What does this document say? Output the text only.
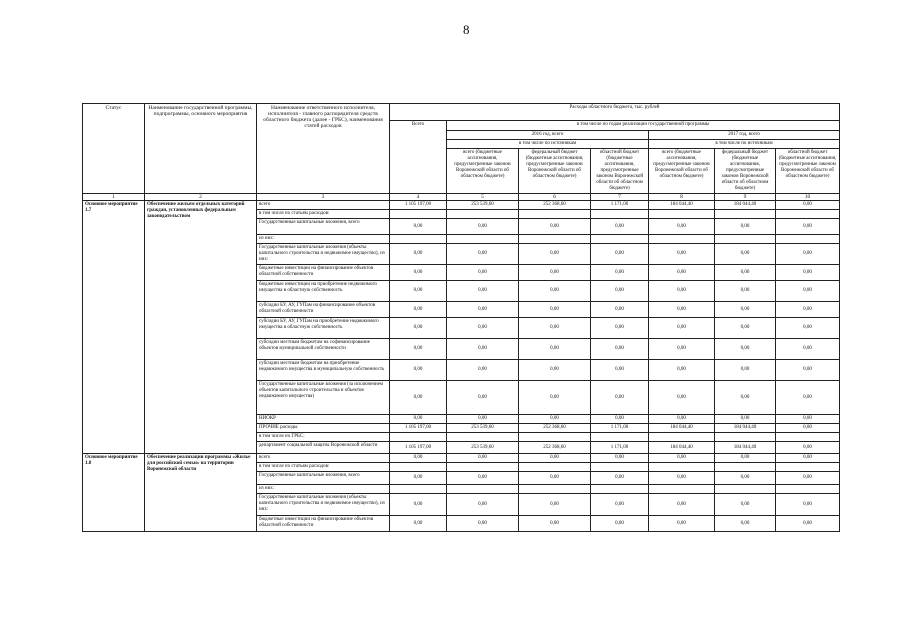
8
Статус	Наименование государственной программы, подпрограммы, основного мероприятия	Наименование ответственного исполнителя, исполнителя - главного распорядителя средств областного бюджета (далее - ГРБС), наименования статей расходов	Расходы областного бюджета, тыс. рублей						
			Всего	в том числе по годам реализации государственной программы					
				2016 год, всего			2017 год, всего		
				в том числе по источникам			в том числе по источникам		
				всего (бюджетные ассигнования, предусмотренные законом Воронежской области об областном бюджете)	федеральный бюджет (бюджетные ассигнования, предусмотренные законом Воронежской области об областном бюджете)	областной бюджет (бюджетные ассигнования, предусмотренные законом Воронежской области об областном бюджете)	всего (бюджетные ассигнования, предусмотренные законом Воронежской области об областном бюджете)	федеральный бюджет (бюджетные ассигнования, предусмотренные законом Воронежской области об областном бюджете)	областной бюджет (бюджетные ассигнования, предусмотренные законом Воронежской области об областном бюджете)
1	2	3	4	5	6	7	8	9	10
Основное мероприятие 1.7	Обеспечение жильем отдельных категорий граждан, установленных федеральным законодательством	всего	1 105 197,00	253 539,60	252 368,60	1 171,00	184 044,40	184 044,40	0,00
		в том числе по статьям расходов:							
		Государственные капитальные вложения, всего	0,00	0,00	0,00	0,00	0,00	0,00	0,00
		из них:							
		Государственные капитальные вложения (объекты капитального строительства и недвижимое имущество), из них:	0,00	0,00	0,00	0,00	0,00	0,00	0,00
		бюджетные инвестиции на финансирование объектов областной собственности	0,00	0,00	0,00	0,00	0,00	0,00	0,00
		бюджетные инвестиции на приобретение недвижимого имущества в областную собственность	0,00	0,00	0,00	0,00	0,00	0,00	0,00
		субсидии БУ, АУ, ГУПам на финансирование объектов областной собственности	0,00	0,00	0,00	0,00	0,00	0,00	0,00
		субсидии БУ, АУ, ГУПам на приобретение недвижимого имущества в областную собственность	0,00	0,00	0,00	0,00	0,00	0,00	0,00
		субсидии местным бюджетам на софинансирование объектов муниципальной собственности	0,00	0,00	0,00	0,00	0,00	0,00	0,00
		субсидии местным бюджетам на приобретение недвижимого имущества в муниципальную собственность	0,00	0,00	0,00	0,00	0,00	0,00	0,00
		Государственные капитальные вложения (за исключением объектов капитального строительства и объектов недвижимого имущества)	0,00	0,00	0,00	0,00	0,00	0,00	0,00
		НИОКР	0,00	0,00	0,00	0,00	0,00	0,00	0,00
		ПРОЧИЕ расходы	1 105 197,00	253 539,60	252 368,60	1 171,00	184 044,40	184 044,40	0,00
		в том числе по ГРБС:							
		департамент социальной защиты Воронежской области	1 105 197,00	253 539,60	252 368,60	1 171,00	184 044,40	184 044,40	0,00
Основное мероприятие 1.8	Обеспечение реализации программы «Жилье для российской семьи» на территории Воронежской области	всего	0,00	0,00	0,00	0,00	0,00	0,00	0,00
		в том числе по статьям расходов:							
		Государственные капитальные вложения, всего	0,00	0,00	0,00	0,00	0,00	0,00	0,00
		из них:							
		Государственные капитальные вложения (объекты капитального строительства и недвижимое имущество), из них:	0,00	0,00	0,00	0,00	0,00	0,00	0,00
		бюджетные инвестиции на финансирование объектов областной собственности	0,00	0,00	0,00	0,00	0,00	0,00	0,00
